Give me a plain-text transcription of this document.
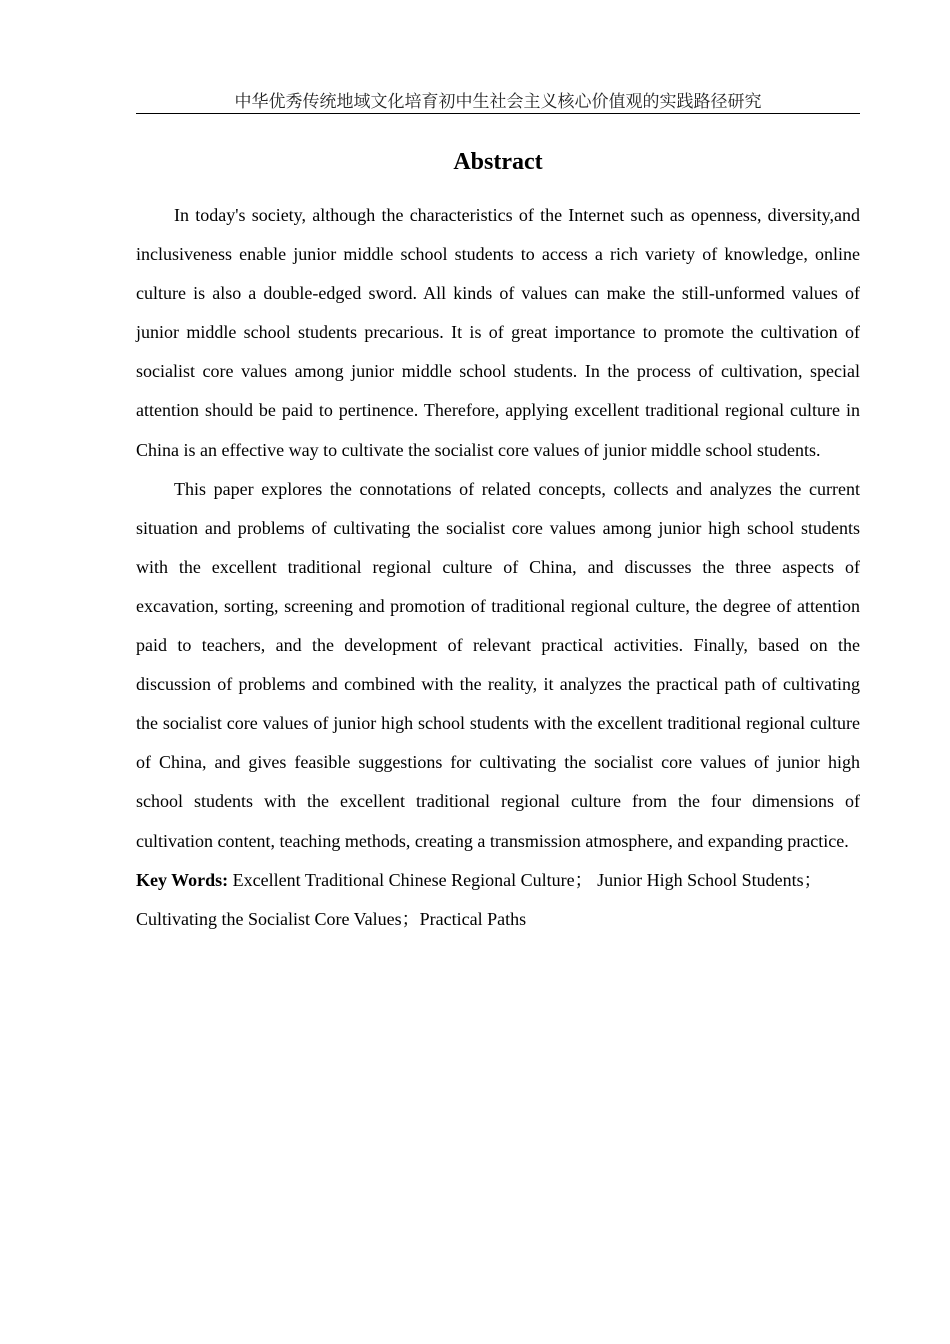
中华优秀传统地域文化培育初中生社会主义核心价值观的实践路径研究
Abstract

In today's society, although the characteristics of the Internet such as openness, diversity,and inclusiveness enable junior middle school students to access a rich variety of knowledge, online culture is also a double-edged sword. All kinds of values can make the still-unformed values of junior middle school students precarious. It is of great importance to promote the cultivation of socialist core values among junior middle school students. In the process of cultivation, special attention should be paid to pertinence. Therefore, applying excellent traditional regional culture in China is an effective way to cultivate the socialist core values of junior middle school students.

This paper explores the connotations of related concepts, collects and analyzes the current situation and problems of cultivating the socialist core values among junior high school students with the excellent traditional regional culture of China, and discusses the three aspects of excavation, sorting, screening and promotion of traditional regional culture, the degree of attention paid to teachers, and the development of relevant practical activities. Finally, based on the discussion of problems and combined with the reality, it analyzes the practical path of cultivating the socialist core values of junior high school students with the excellent traditional regional culture of China, and gives feasible suggestions for cultivating the socialist core values of junior high school students with the excellent traditional regional culture from the four dimensions of cultivation content, teaching methods, creating a transmission atmosphere, and expanding practice.

Key Words: Excellent Traditional Chinese Regional Culture； Junior High School Students；Cultivating the Socialist Core Values；Practical Paths
